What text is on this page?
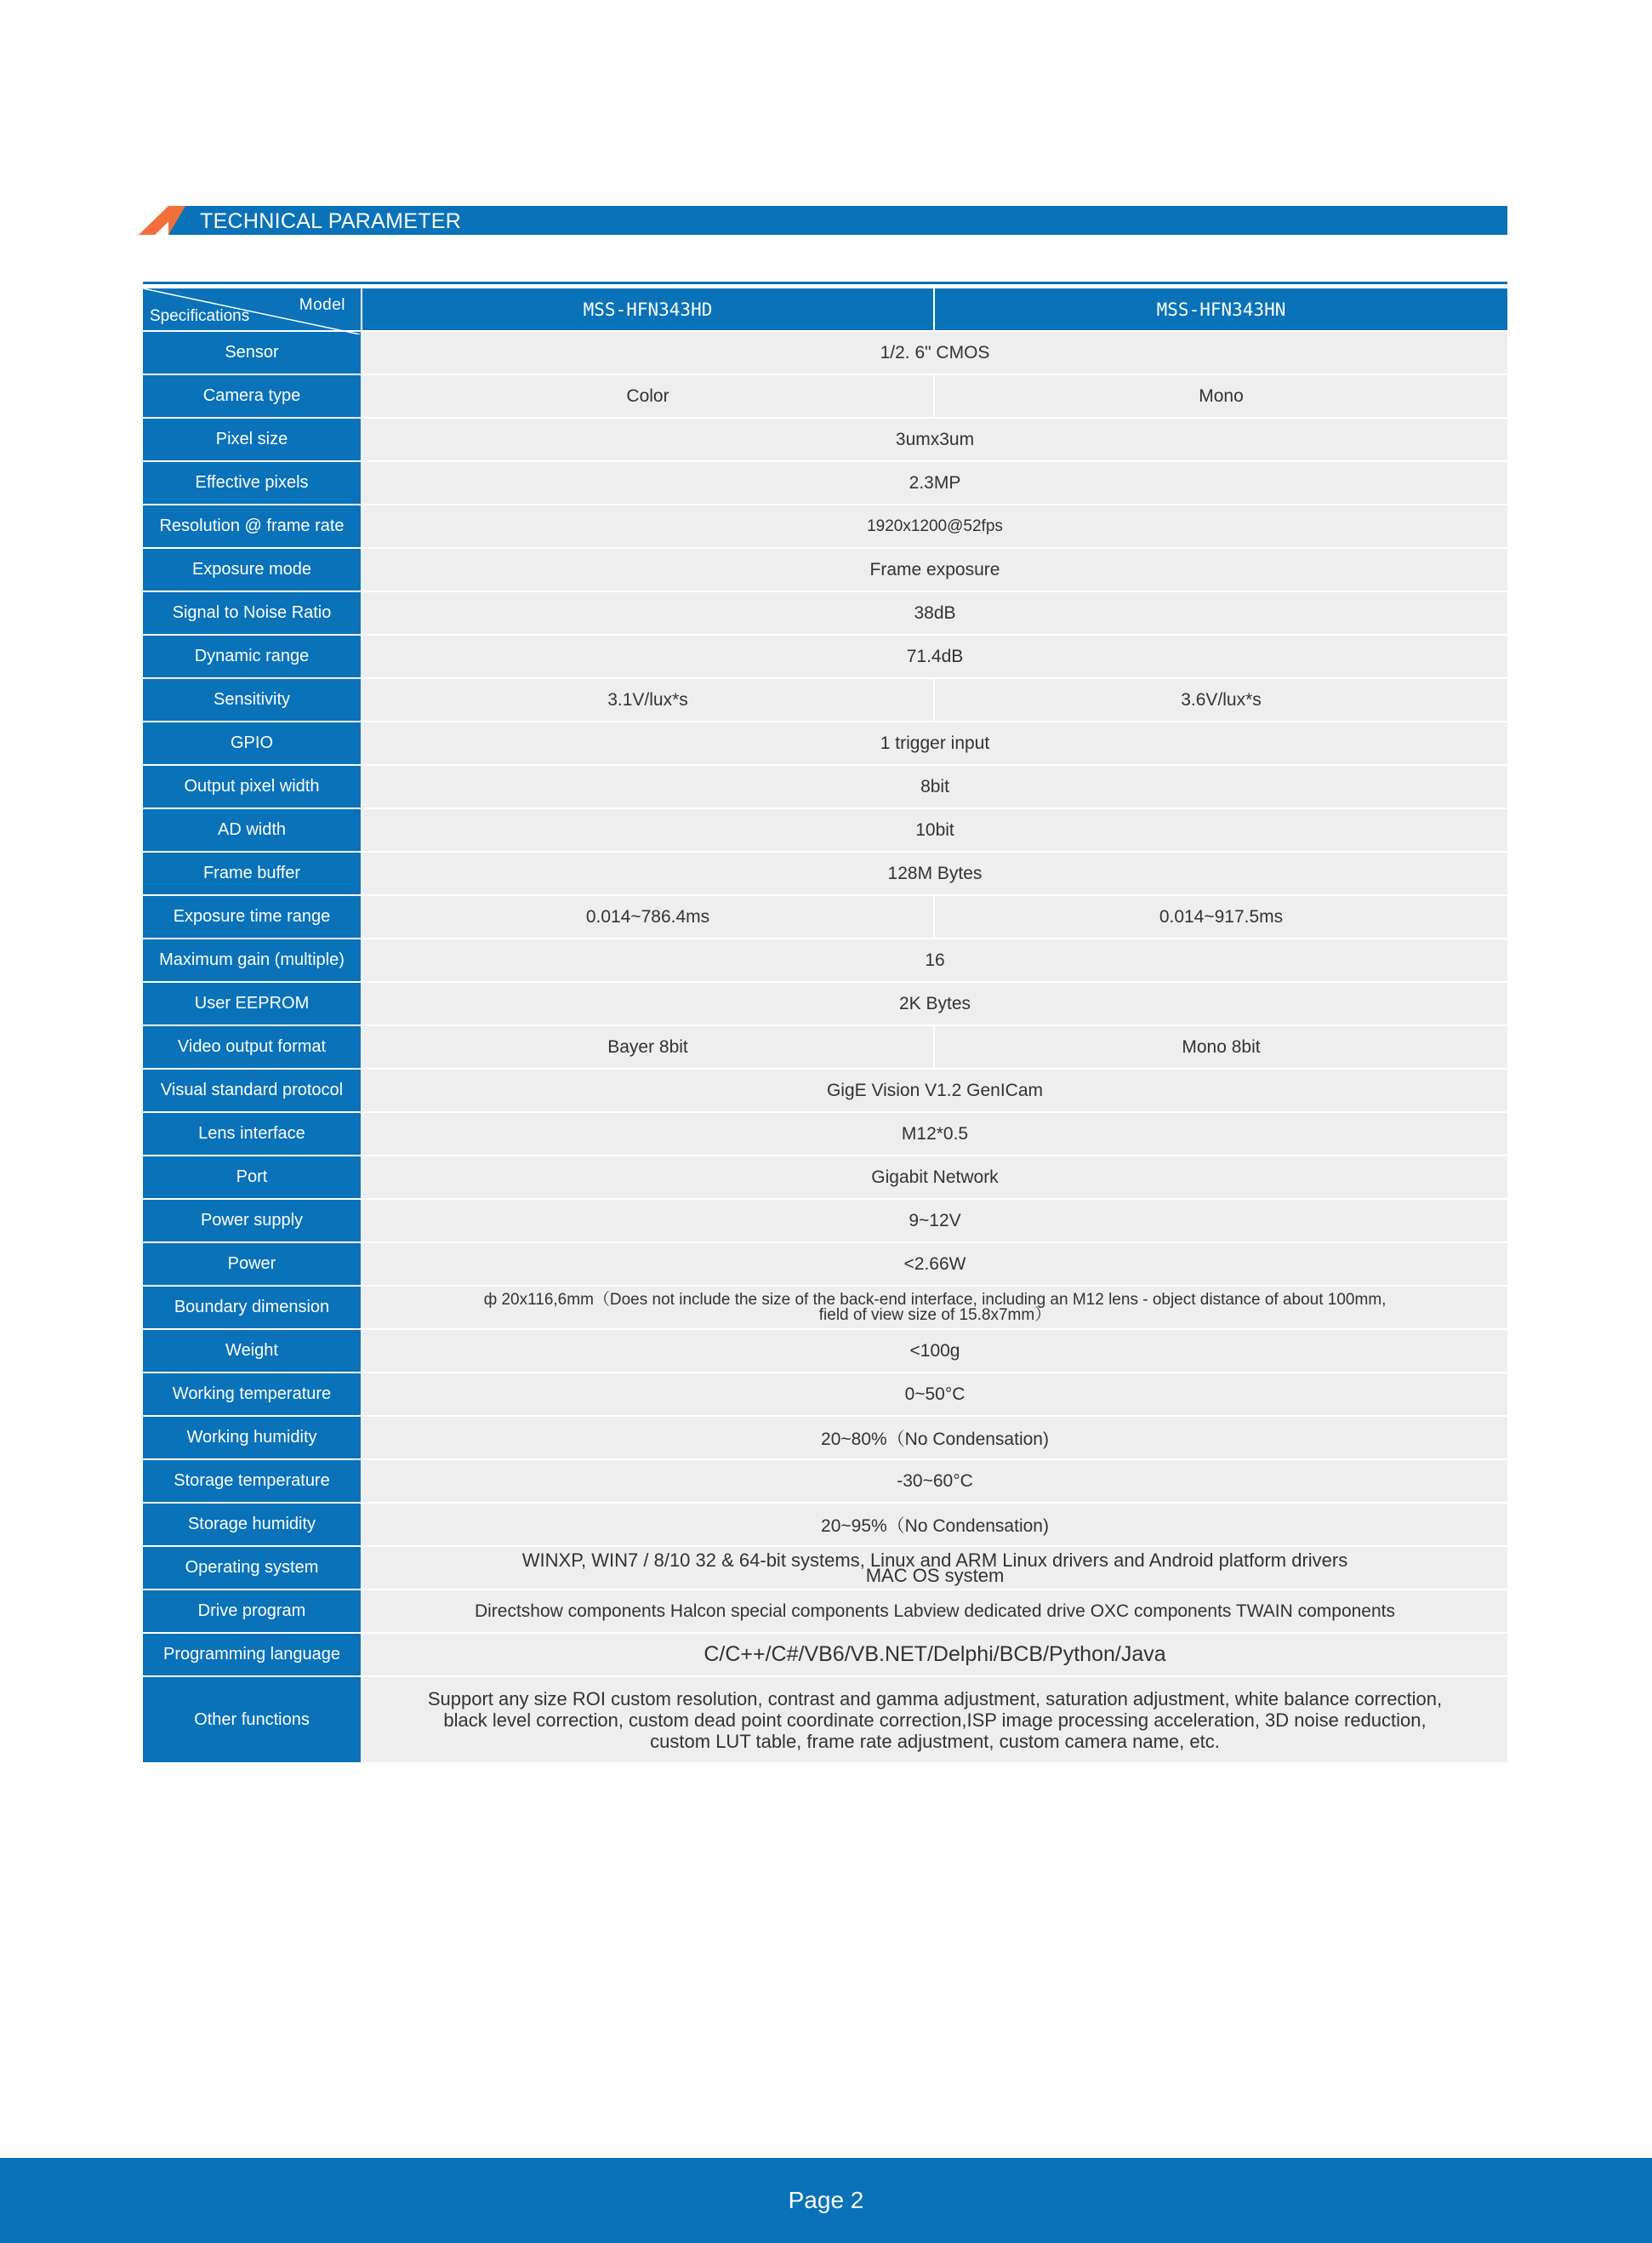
TECHNICAL PARAMETER
Model
Specifications	MSS-HFN343HD	MSS-HFN343HN
Sensor	1/2. 6" CMOS	
Camera type	Color	Mono
Pixel size	3umx3um	
Effective pixels	2.3MP	
Resolution @ frame rate	1920x1200@52fps	
Exposure mode	Frame exposure	
Signal to Noise Ratio	38dB	
Dynamic range	71.4dB	
Sensitivity	3.1V/lux*s	3.6V/lux*s
GPIO	1 trigger input	
Output pixel width	8bit	
AD width	10bit	
Frame buffer	128M Bytes	
Exposure time range	0.014~786.4ms	0.014~917.5ms
Maximum gain (multiple)	16	
User EEPROM	2K Bytes	
Video output format	Bayer 8bit	Mono 8bit
Visual standard protocol	GigE Vision V1.2 GenICam	
Lens interface	M12*0.5	
Port	Gigabit Network	
Power supply	9~12V	
Power	<2.66W	
Boundary dimension	ф 20x116,6mm（Does not include the size of the back-end interface, including an M12 lens - object distance of about 100mm,
field of view size of 15.8x7mm）	

Weight	<100g	
Working temperature	0~50°C	
Working humidity	20~80%（No Condensation)	
Storage temperature	-30~60°C	
Storage humidity	20~95%（No Condensation)	
Operating system	WINXP, WIN7 / 8/10 32 & 64-bit systems, Linux and ARM Linux drivers and Android platform drivers
MAC OS system	

Drive program	Directshow components Halcon special components Labview dedicated drive OXC components TWAIN components	
Programming language	C/C++/C#/VB6/VB.NET/Delphi/BCB/Python/Java	
Other functions	Support any size ROI custom resolution, contrast and gamma adjustment, saturation adjustment, white balance correction,
black level correction, custom dead point coordinate correction,ISP image processing acceleration, 3D noise reduction,
custom LUT table, frame rate adjustment, custom camera name, etc.	
Page 2
